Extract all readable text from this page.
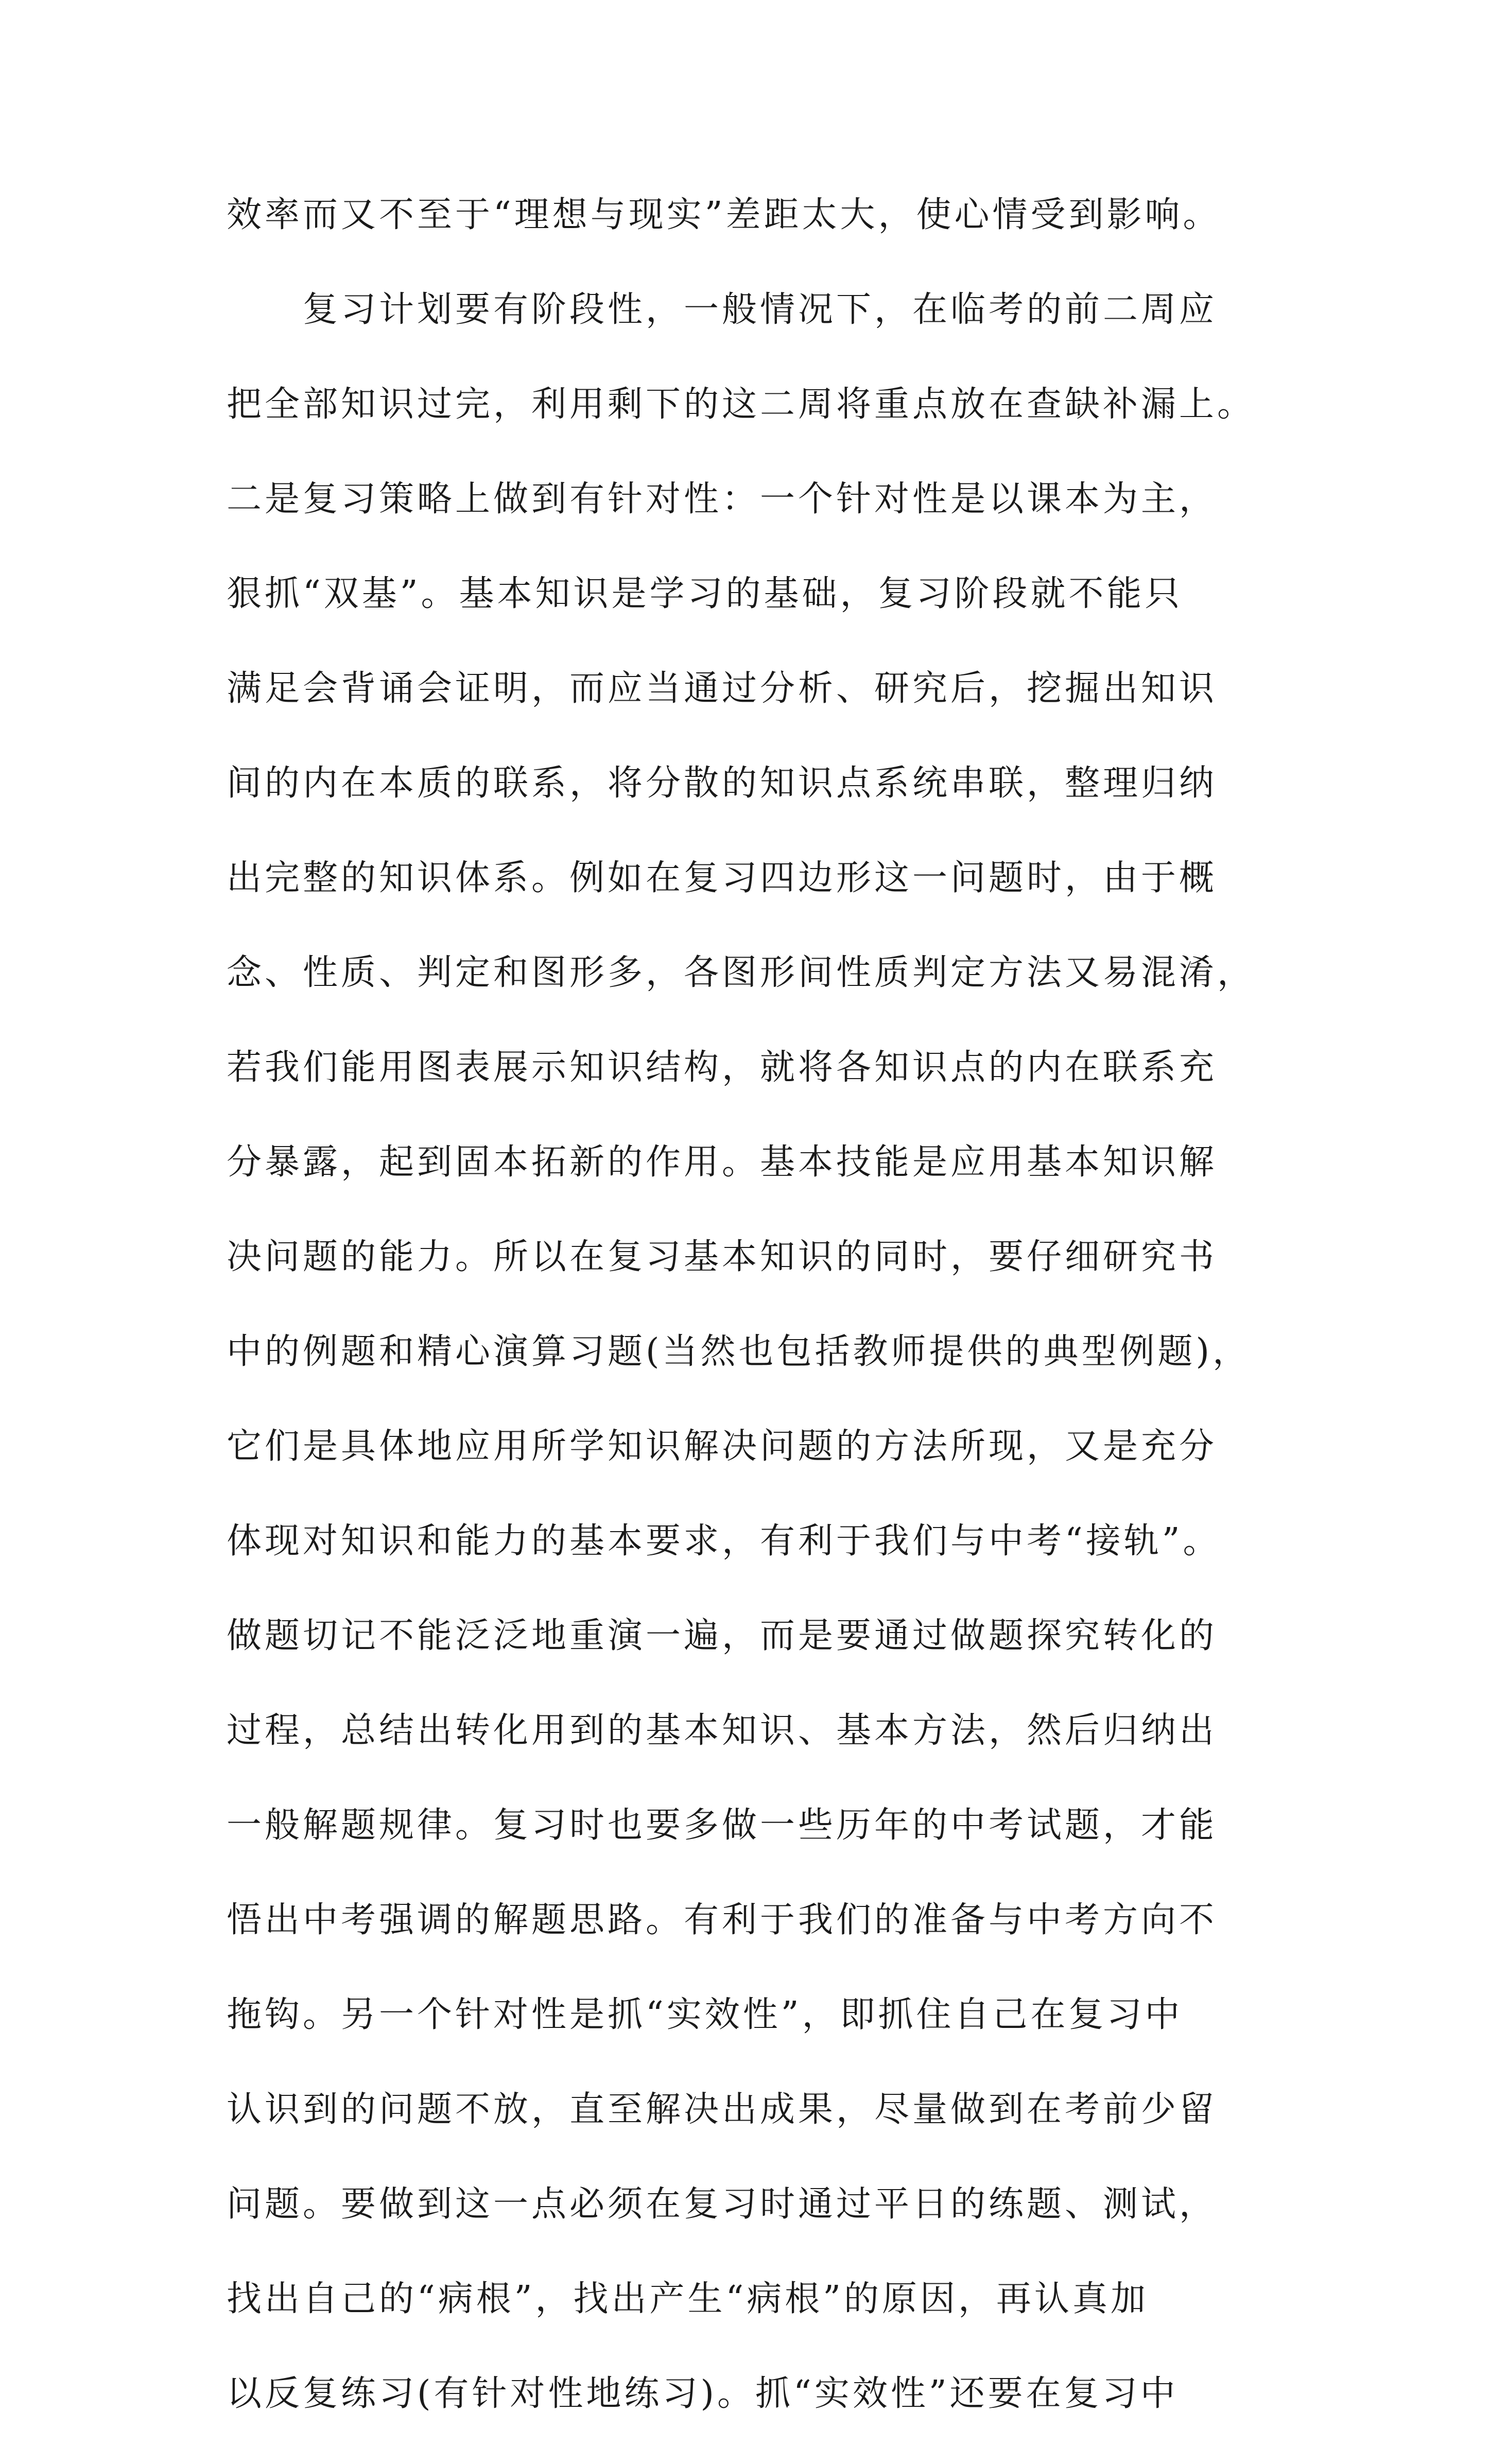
效率而又不至于“理想与现实”差距太大，使心情受到影响。
　　复习计划要有阶段性，一般情况下，在临考的前二周应
把全部知识过完，利用剩下的这二周将重点放在查缺补漏上。
二是复习策略上做到有针对性：一个针对性是以课本为主，
狠抓“双基”。基本知识是学习的基础，复习阶段就不能只
满足会背诵会证明，而应当通过分析、研究后，挖掘出知识
间的内在本质的联系，将分散的知识点系统串联，整理归纳
出完整的知识体系。例如在复习四边形这一问题时，由于概
念、性质、判定和图形多，各图形间性质判定方法又易混淆，
若我们能用图表展示知识结构，就将各知识点的内在联系充
分暴露，起到固本拓新的作用。基本技能是应用基本知识解
决问题的能力。所以在复习基本知识的同时，要仔细研究书
中的例题和精心演算习题(当然也包括教师提供的典型例题)，
它们是具体地应用所学知识解决问题的方法所现，又是充分
体现对知识和能力的基本要求，有利于我们与中考“接轨”。
做题切记不能泛泛地重演一遍，而是要通过做题探究转化的
过程，总结出转化用到的基本知识、基本方法，然后归纳出
一般解题规律。复习时也要多做一些历年的中考试题，才能
悟出中考强调的解题思路。有利于我们的准备与中考方向不
拖钩。另一个针对性是抓“实效性”，即抓住自己在复习中
认识到的问题不放，直至解决出成果，尽量做到在考前少留
问题。要做到这一点必须在复习时通过平日的练题、测试，
找出自己的“病根”，找出产生“病根”的原因，再认真加
以反复练习(有针对性地练习)。抓“实效性”还要在复习中
